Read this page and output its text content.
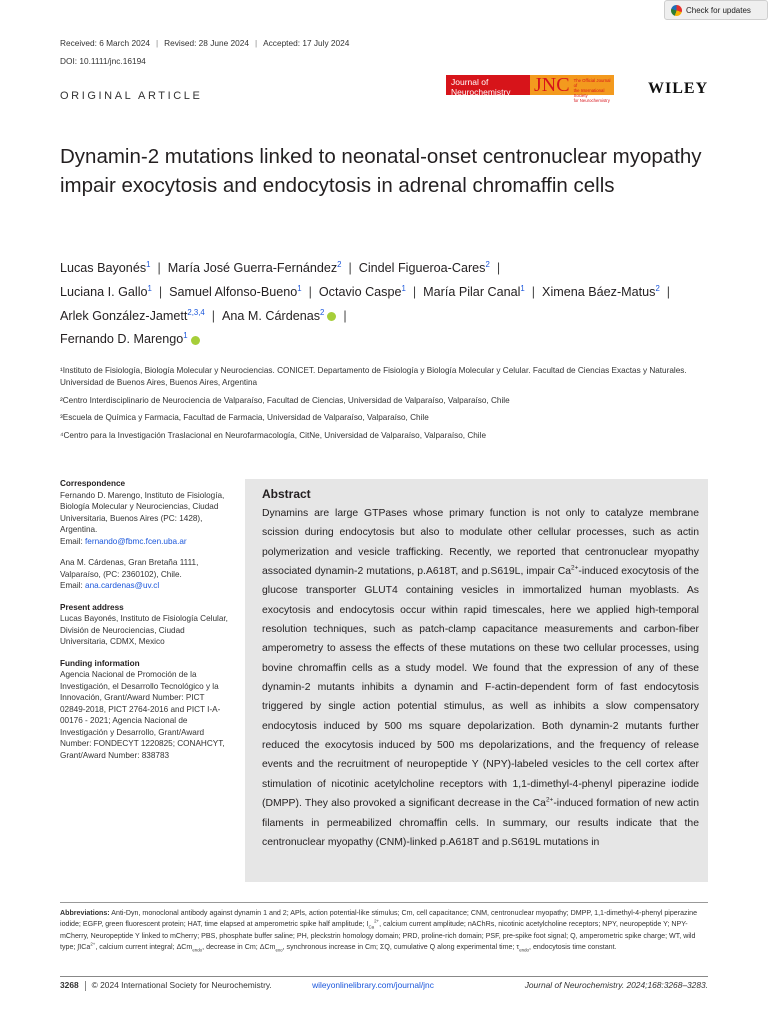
Check for updates
Received: 6 March 2024 | Revised: 28 June 2024 | Accepted: 17 July 2024
DOI: 10.1111/jnc.16194
Journal of
Neurochemistry	JNC The Official Journal of
the International Society
for Neurochemistry
WILEY
ORIGINAL ARTICLE
Dynamin-2 mutations linked to neonatal-onset centronuclear myopathy impair exocytosis and endocytosis in adrenal chromaffin cells
Lucas Bayonés$^1$ | María José Guerra-Fernández$^2$ | Cindel Figueroa-Cares$^2$ |
Luciana I. Gallo$^1$ | Samuel Alfonso-Bueno$^1$ | Octavio Caspe$^1$ | María Pilar Canal$^1$ | Ximena Báez-Matus$^2$ |
Arlek González-Jamett$^{2,3,4}$ | Ana M. Cárdenas$^2$ |
Fernando D. Marengo$^1$

¹Instituto de Fisiología, Biología Molecular y Neurociencias. CONICET. Departamento de Fisiología y Biología Molecular y Celular. Facultad de Ciencias Exactas y Naturales. Universidad de Buenos Aires, Buenos Aires, Argentina

²Centro Interdisciplinario de Neurociencia de Valparaíso, Facultad de Ciencias, Universidad de Valparaíso, Valparaíso, Chile

³Escuela de Química y Farmacia, Facultad de Farmacia, Universidad de Valparaíso, Valparaíso, Chile

⁴Centro para la Investigación Traslacional en Neurofarmacología, CitNe, Universidad de Valparaíso, Valparaíso, Chile

Correspondence

Fernando D. Marengo, Instituto de Fisiología, Biología Molecular y Neurociencias, Ciudad Universitaria, Buenos Aires (PC: 1428), Argentina.
Email: fernando@fbmc.fcen.uba.ar

Ana M. Cárdenas, Gran Bretaña 1111, Valparaíso, (PC: 2360102), Chile.
Email: ana.cardenas@uv.cl

Present address

Lucas Bayonés, Instituto de Fisiología Celular, División de Neurociencias, Ciudad Universitaria, CDMX, Mexico

Funding information

Agencia Nacional de Promoción de la Investigación, el Desarrollo Tecnológico y la Innovación, Grant/Award Number: PICT 02849-2018, PICT 2764-2016 and PICT I-A-00176 - 2021; Agencia Nacional de Investigación y Desarrollo, Grant/Award Number: FONDECYT 1220825; CONAHCYT, Grant/Award Number: 838783

Abstract
Dynamins are large GTPases whose primary function is not only to catalyze membrane scission during endocytosis but also to modulate other cellular processes, such as actin polymerization and vesicle trafficking. Recently, we reported that centronuclear myopathy associated dynamin-2 mutations, p.A618T, and p.S619L, impair $Ca^{2+}$-induced exocytosis of the glucose transporter GLUT4 containing vesicles in immortalized human myoblasts. As exocytosis and endocytosis occur within rapid timescales, here we applied high-temporal resolution techniques, such as patch-clamp capacitance measurements and carbon-fiber amperometry to assess the effects of these mutations on these two cellular processes, using bovine chromaffin cells as a study model. We found that the expression of any of these dynamin-2 mutants inhibits a dynamin and F-actin-dependent form of fast endocytosis triggered by single action potential stimulus, as well as inhibits a slow compensatory endocytosis induced by 500 ms square depolarization. Both dynamin-2 mutants further reduced the exocytosis induced by 500 ms depolarizations, and the frequency of release events and the recruitment of neuropeptide Y (NPY)-labeled vesicles to the cell cortex after stimulation of nicotinic acetylcholine receptors with 1,1-dimethyl-4-phenyl piperazine iodide (DMPP). They also provoked a significant decrease in the $Ca^{2+}$-induced formation of new actin filaments in permeabilized chromaffin cells. In summary, our results indicate that the centronuclear myopathy (CNM)-linked p.A618T and p.S619L mutations in
Abbreviations: Anti-Dyn, monoclonal antibody against dynamin 1 and 2; APls, action potential-like stimulus; Cm, cell capacitance; CNM, centronuclear myopathy; DMPP, 1,1-dimethyl-4-phenyl piperazine iodide; EGFP, green fluorescent protein; HAT, time elapsed at amperometric spike half amplitude; $I_{Ca}^{2+}$, calcium current amplitude; nAChRs, nicotinic acetylcholine receptors; NPY, neuropeptide Y; NPY-mCherry, Neuropeptide Y linked to mCherry; PBS, phosphate buffer saline; PH, pleckstrin homology domain; PRD, proline-rich domain; PSF, pre-spike foot signal; Q, amperometric spike charge; WT, wild type; ∫ICa$^{2+}$, calcium current integral; ΔCm$_{endo}$, decrease in Cm; ΔCm$_{exo}$, synchronous increase in Cm; ΣQ, cumulative Q along experimental time; $\tau_{endo}$, endocytosis time constant.
3268 © 2024 International Society for Neurochemistry.	wileyonlinelibrary.com/journal/jnc	Journal of Neurochemistry. 2024;168:3268–3283.
